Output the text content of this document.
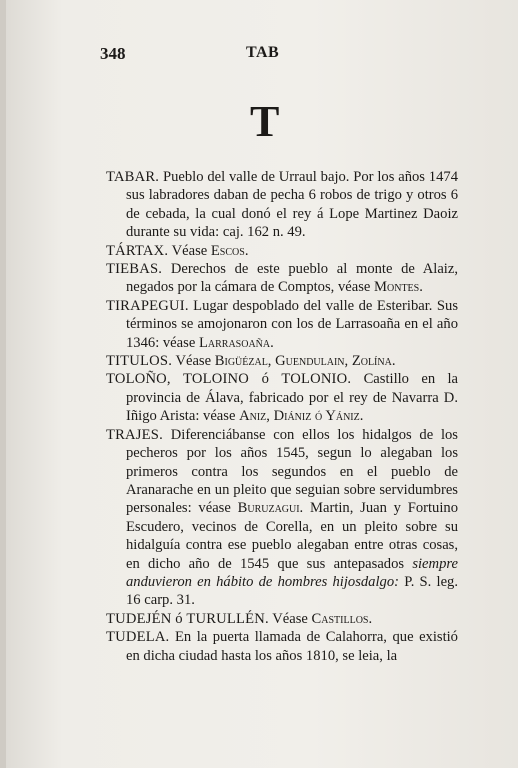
348	TAB
T

TABAR. Pueblo del valle de Urraul bajo. Por los años 1474 sus labradores daban de pecha 6 robos de trigo y otros 6 de cebada, la cual donó el rey á Lope Martinez Daoiz durante su vida: caj. 162 n. 49.

TÁRTAX. Véase Escos.

TIEBAS. Derechos de este pueblo al monte de Alaiz, negados por la cámara de Comptos, véase Montes.

TIRAPEGUI. Lugar despoblado del valle de Esteribar. Sus términos se amojonaron con los de Larrasoaña en el año 1346: véase Larrasoaña.

TITULOS. Véase Bigüézal, Guendulain, Zolína.

TOLOÑO, TOLOINO ó TOLONIO. Castillo en la provincia de Álava, fabricado por el rey de Navarra D. Iñigo Arista: véase Aniz, Diániz ó Yániz.

TRAJES. Diferenciábanse con ellos los hidalgos de los pecheros por los años 1545, segun lo alegaban los primeros contra los segundos en el pueblo de Aranarache en un pleito que seguian sobre servidumbres personales: véase Buruzagui. Martin, Juan y Fortuino Escudero, vecinos de Corella, en un pleito sobre su hidalguía contra ese pueblo alegaban entre otras cosas, en dicho año de 1545 que sus antepasados siempre anduvieron en hábito de hombres hijosdalgo: P. S. leg. 16 carp. 31.

TUDEJÉN ó TURULLÉN. Véase Castillos.

TUDELA. En la puerta llamada de Calahorra, que existió en dicha ciudad hasta los años 1810, se leia, la
